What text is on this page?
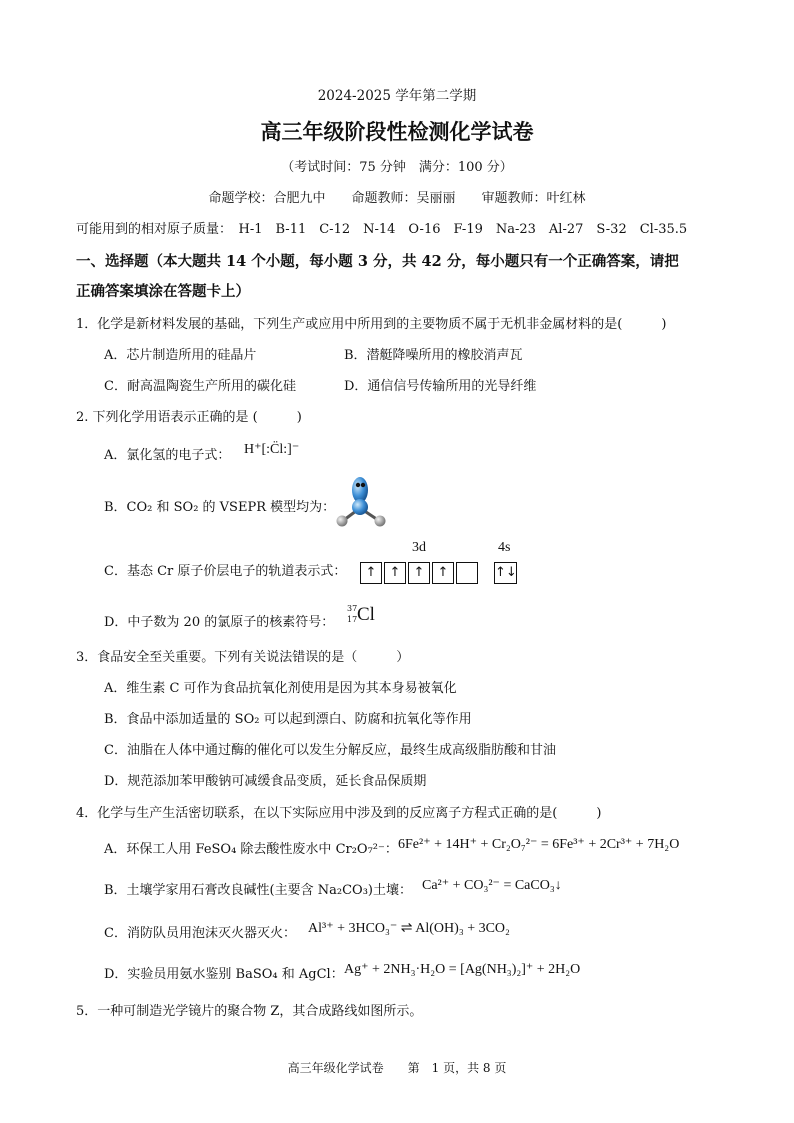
2024-2025 学年第二学期
高三年级阶段性检测化学试卷
（考试时间：75 分钟　满分：100 分）
命题学校：合肥九中　　命题教师：吴丽丽　　审题教师：叶红林
可能用到的相对原子质量：　H-1　B-11　C-12　N-14　O-16　F-19　Na-23　Al-27　S-32　Cl-35.5
一、选择题（本大题共 14 个小题，每小题 3 分，共 42 分，每小题只有一个正确答案，请把
正确答案填涂在答题卡上）
1．化学是新材料发展的基础，下列生产或应用中所用到的主要物质不属于无机非金属材料的是(　　　)
A．芯片制造所用的硅晶片	B．潜艇降噪所用的橡胶消声瓦
C．耐高温陶瓷生产所用的碳化硅	D．通信信号传输所用的光导纤维
2. 下列化学用语表示正确的是 (　　　)
A．氯化氢的电子式： H⁺[:C̈l:]⁻
B．CO₂ 和 SO₂ 的 VSEPR 模型均为：
C．基态 Cr 原子价层电子的轨道表示式：
3d	4s
↑	↑	↑	↑	↑↓
D．中子数为 20 的氯原子的核素符号：
37
17 Cl
3．食品安全至关重要。下列有关说法错误的是（　　　）
A．维生素 C 可作为食品抗氧化剂使用是因为其本身易被氧化
B．食品中添加适量的 SO₂ 可以起到漂白、防腐和抗氧化等作用
C．油脂在人体中通过酶的催化可以发生分解反应，最终生成高级脂肪酸和甘油
D．规范添加苯甲酸钠可减缓食品变质，延长食品保质期
4．化学与生产生活密切联系，在以下实际应用中涉及到的反应离子方程式正确的是(　　　)
A．环保工人用 FeSO₄ 除去酸性废水中 Cr₂O₇²⁻： 6Fe²⁺ + 14H⁺ + Cr₂O₇²⁻ = 6Fe³⁺ + 2Cr³⁺ + 7H₂O
B．土壤学家用石膏改良碱性(主要含 Na₂CO₃)土壤： Ca²⁺ + CO₃²⁻ = CaCO₃↓
C．消防队员用泡沫灭火器灭火： Al³⁺ + 3HCO₃⁻ ⇌ Al(OH)₃ + 3CO₂
D．实验员用氨水鉴别 BaSO₄ 和 AgCl： Ag⁺ + 2NH₃·H₂O = [Ag(NH₃)₂]⁺ + 2H₂O
5．一种可制造光学镜片的聚合物 Z，其合成路线如图所示。
高三年级化学试卷　　第　1 页，共 8 页
